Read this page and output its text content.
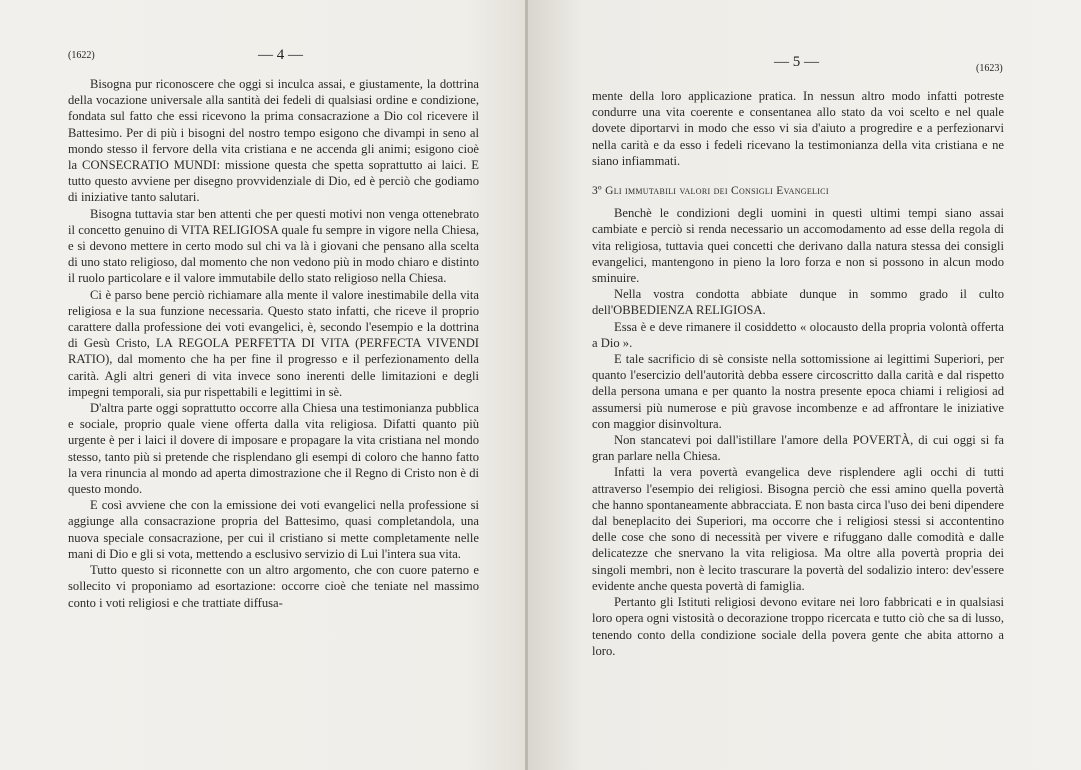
(1622)	— 4 —

Bisogna pur riconoscere che oggi si inculca assai, e giustamente, la dottrina della vocazione universale alla santità dei fedeli di qualsiasi ordine e condizione, fondata sul fatto che essi ricevono la prima consacrazione a Dio col ricevere il Battesimo. Per di più i bisogni del nostro tempo esigono che divampi in seno al mondo stesso il fervore della vita cristiana e ne accenda gli animi; esigono cioè la CONSECRATIO MUNDI: missione questa che spetta soprattutto ai laici. E tutto questo avviene per disegno provvidenziale di Dio, ed è perciò che godiamo di iniziative tanto salutari.

Bisogna tuttavia star ben attenti che per questi motivi non venga ottenebrato il concetto genuino di VITA RELIGIOSA quale fu sempre in vigore nella Chiesa, e si devono mettere in certo modo sul chi va là i giovani che pensano alla scelta di uno stato religioso, dal momento che non vedono più in modo chiaro e distinto il ruolo particolare e il valore immutabile dello stato religioso nella Chiesa.

Ci è parso bene perciò richiamare alla mente il valore inestimabile della vita religiosa e la sua funzione necessaria. Questo stato infatti, che riceve il proprio carattere dalla professione dei voti evangelici, è, secondo l'esempio e la dottrina di Gesù Cristo, LA REGOLA PERFETTA DI VITA (PERFECTA VIVENDI RATIO), dal momento che ha per fine il progresso e il perfezionamento della carità. Agli altri generi di vita invece sono inerenti delle limitazioni e degli impegni temporali, sia pur rispettabili e legittimi in sè.

D'altra parte oggi soprattutto occorre alla Chiesa una testimonianza pubblica e sociale, proprio quale viene offerta dalla vita religiosa. Difatti quanto più urgente è per i laici il dovere di imposare e propagare la vita cristiana nel mondo stesso, tanto più si pretende che risplendano gli esempi di coloro che hanno fatto la vera rinuncia al mondo ad aperta dimostrazione che il Regno di Cristo non è di questo mondo.

E così avviene che con la emissione dei voti evangelici nella professione si aggiunge alla consacrazione propria del Battesimo, quasi completandola, una nuova speciale consacrazione, per cui il cristiano si mette completamente nelle mani di Dio e gli si vota, mettendo a esclusivo servizio di Lui l'intera sua vita.

Tutto questo si riconnette con un altro argomento, che con cuore paterno e sollecito vi proponiamo ad esortazione: occorre cioè che teniate nel massimo conto i voti religiosi e che trattiate diffusa-

— 5 —	(1623)

mente della loro applicazione pratica. In nessun altro modo infatti potreste condurre una vita coerente e consentanea allo stato da voi scelto e nel quale dovete diportarvi in modo che esso vi sia d'aiuto a progredire e a perfezionarvi nella carità e da esso i fedeli ricevano la testimonianza della vita cristiana e ne siano infiammati.

3º Gli immutabili valori dei Consigli Evangelici

Benchè le condizioni degli uomini in questi ultimi tempi siano assai cambiate e perciò si renda necessario un accomodamento ad esse della regola di vita religiosa, tuttavia quei concetti che derivano dalla natura stessa dei consigli evangelici, mantengono in pieno la loro forza e non si possono in alcun modo sminuire.

Nella vostra condotta abbiate dunque in sommo grado il culto dell'OBBEDIENZA RELIGIOSA.

Essa è e deve rimanere il cosiddetto « olocausto della propria volontà offerta a Dio ».

E tale sacrificio di sè consiste nella sottomissione ai legittimi Superiori, per quanto l'esercizio dell'autorità debba essere circoscritto dalla carità e dal rispetto della persona umana e per quanto la nostra presente epoca chiami i religiosi ad assumersi più numerose e più gravose incombenze e ad affrontare le iniziative con maggior disinvoltura.

Non stancatevi poi dall'istillare l'amore della POVERTÀ, di cui oggi si fa gran parlare nella Chiesa.

Infatti la vera povertà evangelica deve risplendere agli occhi di tutti attraverso l'esempio dei religiosi. Bisogna perciò che essi amino quella povertà che hanno spontaneamente abbracciata. E non basta circa l'uso dei beni dipendere dal beneplacito dei Superiori, ma occorre che i religiosi stessi si accontentino delle cose che sono di necessità per vivere e rifuggano dalle comodità e dalle delicatezze che snervano la vita religiosa. Ma oltre alla povertà propria dei singoli membri, non è lecito trascurare la povertà del sodalizio intero: dev'essere evidente anche questa povertà di famiglia.

Pertanto gli Istituti religiosi devono evitare nei loro fabbricati e in qualsiasi loro opera ogni vistosità o decorazione troppo ricercata e tutto ciò che sa di lusso, tenendo conto della condizione sociale della povera gente che abita attorno a loro.
